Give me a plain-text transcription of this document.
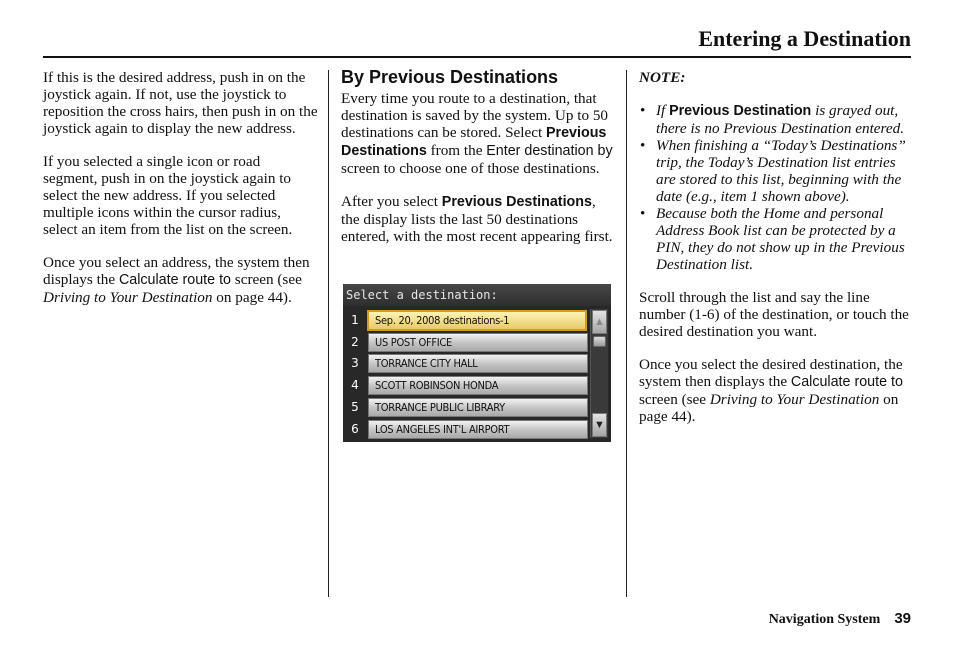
Entering a Destination

If this is the desired address, push in on the joystick again. If not, use the joystick to reposition the cross hairs, then push in on the joystick again to display the new address.

If you selected a single icon or road segment, push in on the joystick again to select the new address. If you selected multiple icons within the cursor radius, select an item from the list on the screen.

Once you select an address, the system then displays the Calculate route to screen (see Driving to Your Destination on page 44).

By Previous Destinations

Every time you route to a destination, that destination is saved by the system. Up to 50 destinations can be stored. Select Previous Destinations from the Enter destination by screen to choose one of those destinations.

After you select Previous Destinations, the display lists the last 50 destinations entered, with the most recent appearing first.

Select a destination:
1	Sep. 20, 2008 destinations-1
2	US POST OFFICE
3	TORRANCE CITY HALL
4	SCOTT ROBINSON HONDA
5	TORRANCE PUBLIC LIBRARY
6	LOS ANGELES INT'L AIRPORT
▲
▼

NOTE:

• If Previous Destination is grayed out, there is no Previous Destination entered.
• When finishing a “Today’s Destinations” trip, the Today’s Destination list entries are stored to this list, beginning with the date (e.g., item 1 shown above).
• Because both the Home and personal Address Book list can be protected by a PIN, they do not show up in the Previous Destination list.

Scroll through the list and say the line number (1-6) of the destination, or touch the desired destination you want.

Once you select the desired destination, the system then displays the Calculate route to screen (see Driving to Your Destination on page 44).

Navigation System 39
